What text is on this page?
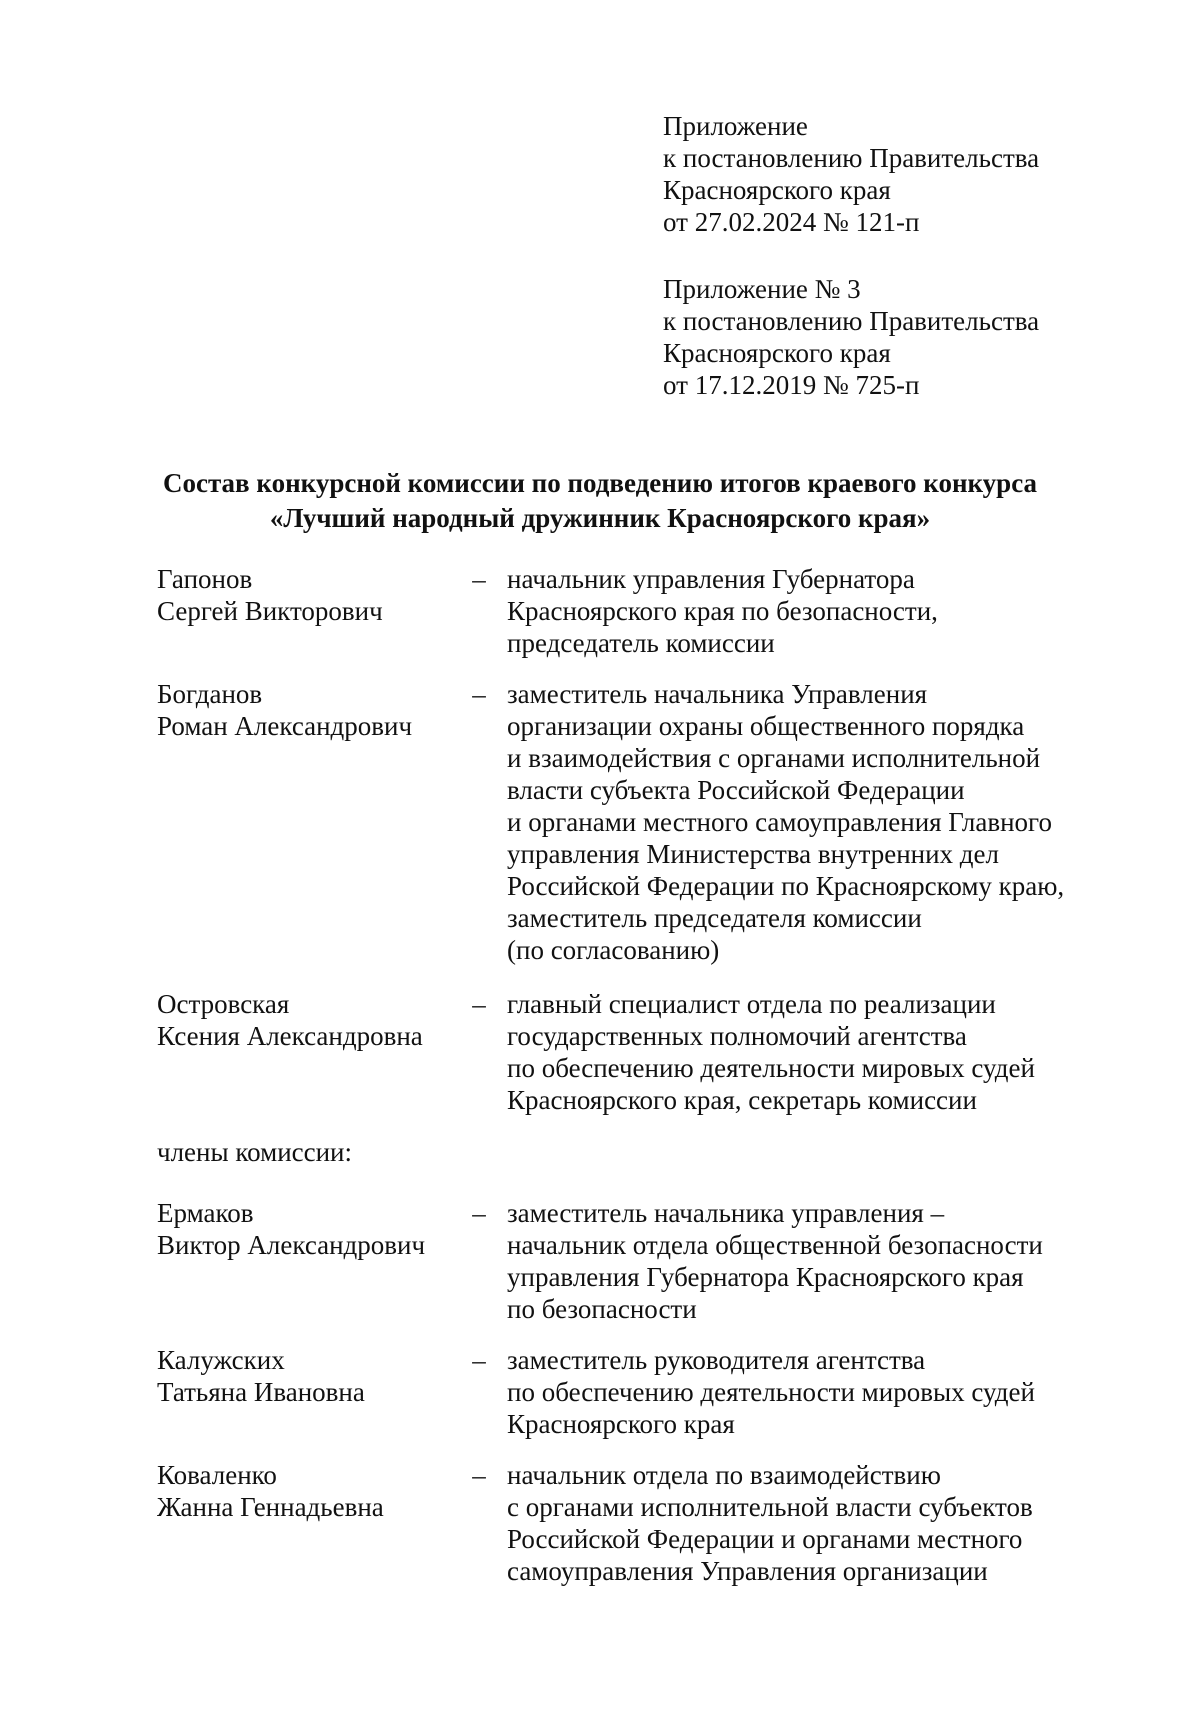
Приложение
к постановлению Правительства
Красноярского края
от 27.02.2024 № 121-п
Приложение № 3
к постановлению Правительства
Красноярского края
от 17.12.2019 № 725-п
Состав конкурсной комиссии по подведению итогов краевого конкурса
«Лучший народный дружинник Красноярского края»
Гапонов
Сергей Викторович
– начальник управления Губернатора
Красноярского края по безопасности,
председатель комиссии
Богданов
Роман Александрович
– заместитель начальника Управления
организации охраны общественного порядка
и взаимодействия с органами исполнительной
власти субъекта Российской Федерации
и органами местного самоуправления Главного
управления Министерства внутренних дел
Российской Федерации по Красноярскому краю,
заместитель председателя комиссии
(по согласованию)
Островская
Ксения Александровна
– главный специалист отдела по реализации
государственных полномочий агентства
по обеспечению деятельности мировых судей
Красноярского края, секретарь комиссии
члены комиссии:
Ермаков
Виктор Александрович
– заместитель начальника управления –
начальник отдела общественной безопасности
управления Губернатора Красноярского края
по безопасности
Калужских
Татьяна Ивановна
– заместитель руководителя агентства
по обеспечению деятельности мировых судей
Красноярского края
Коваленко
Жанна Геннадьевна
– начальник отдела по взаимодействию
с органами исполнительной власти субъектов
Российской Федерации и органами местного
самоуправления Управления организации
